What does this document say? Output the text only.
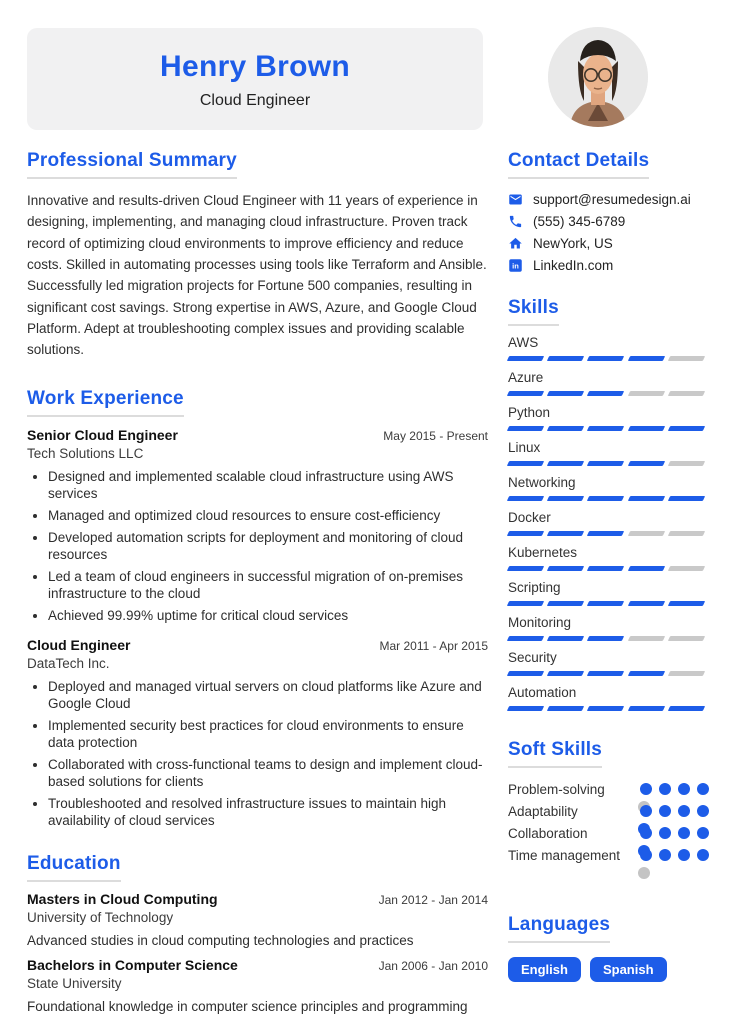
Henry Brown
Cloud Engineer
Professional Summary

Innovative and results-driven Cloud Engineer with 11 years of experience in designing, implementing, and managing cloud infrastructure. Proven track record of optimizing cloud environments to improve efficiency and reduce costs. Skilled in automating processes using tools like Terraform and Ansible. Successfully led migration projects for Fortune 500 companies, resulting in significant cost savings. Strong expertise in AWS, Azure, and Google Cloud Platform. Adept at troubleshooting complex issues and providing scalable solutions.

Work Experience
Senior Cloud Engineer	May 2015 - Present
Tech Solutions LLC
• Designed and implemented scalable cloud infrastructure using AWS services
• Managed and optimized cloud resources to ensure cost-efficiency
• Developed automation scripts for deployment and monitoring of cloud resources
• Led a team of cloud engineers in successful migration of on-premises infrastructure to the cloud
• Achieved 99.99% uptime for critical cloud services
Cloud Engineer	Mar 2011 - Apr 2015
DataTech Inc.
• Deployed and managed virtual servers on cloud platforms like Azure and Google Cloud
• Implemented security best practices for cloud environments to ensure data protection
• Collaborated with cross-functional teams to design and implement cloud-based solutions for clients
• Troubleshooted and resolved infrastructure issues to maintain high availability of cloud services
Education
Masters in Cloud Computing	Jan 2012 - Jan 2014
University of Technology
Advanced studies in cloud computing technologies and practices
Bachelors in Computer Science	Jan 2006 - Jan 2010
State University
Foundational knowledge in computer science principles and programming
Contact Details
support@resumedesign.ai
(555) 345-6789
NewYork, US
in LinkedIn.com
Skills
AWS
Azure
Python
Linux
Networking
Docker
Kubernetes
Scripting
Monitoring
Security
Automation
Soft Skills
Problem-solving
Adaptability
Collaboration
Time management
Languages
English	Spanish
